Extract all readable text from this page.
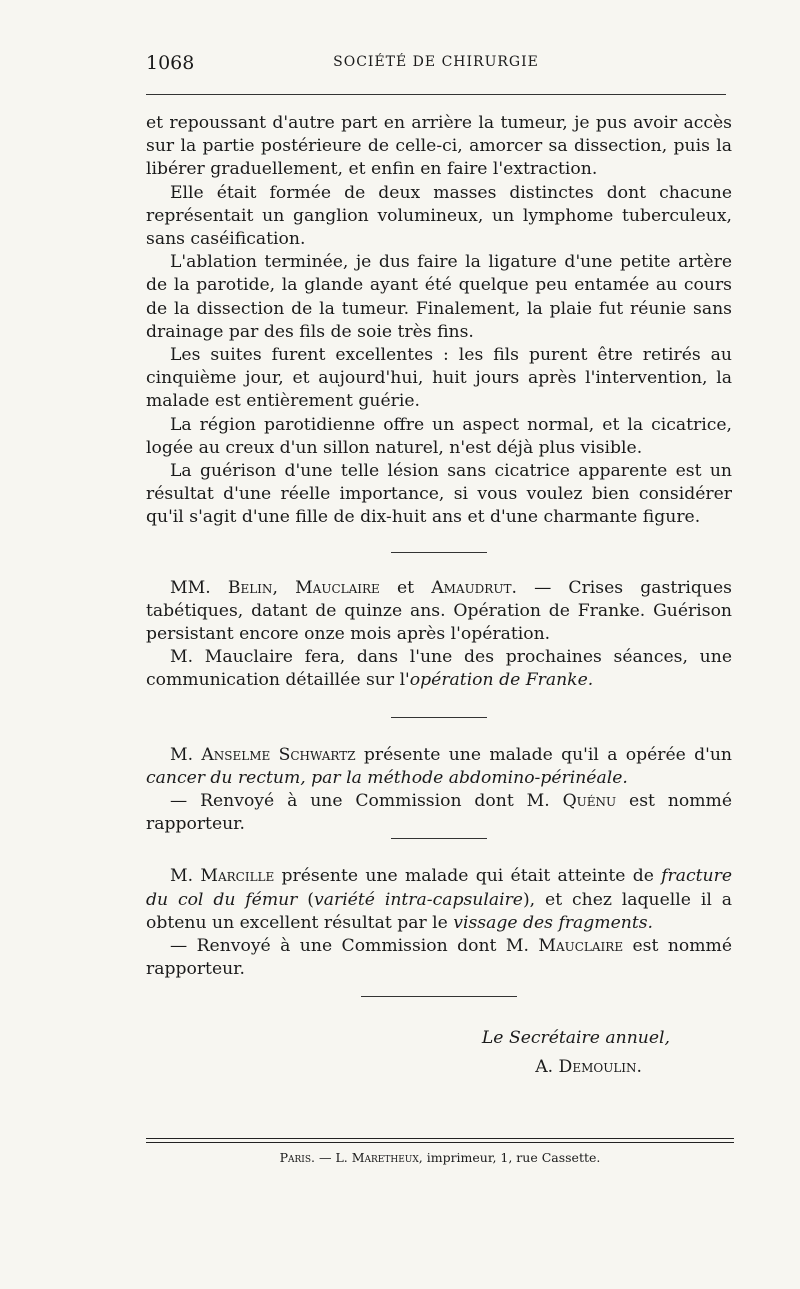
1068	SOCIÉTÉ DE CHIRURGIE

et repoussant d'autre part en arrière la tumeur, je pus avoir accès sur la partie postérieure de celle-ci, amorcer sa dissection, puis la libérer graduellement, et enfin en faire l'extraction.

Elle était formée de deux masses distinctes dont chacune représentait un ganglion volumineux, un lymphome tuberculeux, sans caséification.

L'ablation terminée, je dus faire la ligature d'une petite artère de la parotide, la glande ayant été quelque peu entamée au cours de la dissection de la tumeur. Finalement, la plaie fut réunie sans drainage par des fils de soie très fins.

Les suites furent excellentes : les fils purent être retirés au cinquième jour, et aujourd'hui, huit jours après l'intervention, la malade est entièrement guérie.

La région parotidienne offre un aspect normal, et la cicatrice, logée au creux d'un sillon naturel, n'est déjà plus visible.

La guérison d'une telle lésion sans cicatrice apparente est un résultat d'une réelle importance, si vous voulez bien considérer qu'il s'agit d'une fille de dix-huit ans et d'une charmante figure.

MM. Belin, Mauclaire et Amaudrut. — Crises gastriques tabétiques, datant de quinze ans. Opération de Franke. Guérison persistant encore onze mois après l'opération.

M. Mauclaire fera, dans l'une des prochaines séances, une communication détaillée sur l'opération de Franke.

M. Anselme Schwartz présente une malade qu'il a opérée d'un cancer du rectum, par la méthode abdomino-périnéale.

— Renvoyé à une Commission dont M. Quénu est nommé rapporteur.

M. Marcille présente une malade qui était atteinte de fracture du col du fémur (variété intra-capsulaire), et chez laquelle il a obtenu un excellent résultat par le vissage des fragments.

— Renvoyé à une Commission dont M. Mauclaire est nommé rapporteur.

Le Secrétaire annuel,
A. Demoulin.
Paris. — L. Maretheux, imprimeur, 1, rue Cassette.
